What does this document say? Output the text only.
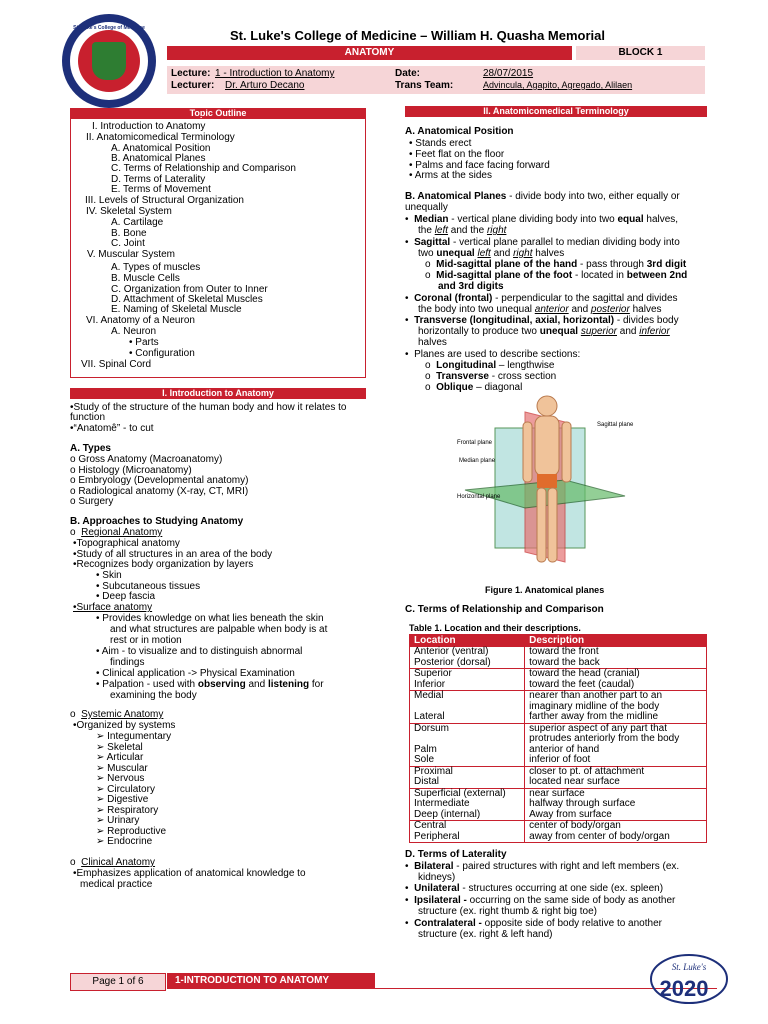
St. Luke's College of Medicine	St. Luke's College of Medicine – William H. Quasha Memorial
ANATOMY	BLOCK 1
Lecture: 1 - Introduction to Anatomy
Lecturer: Dr. Arturo Decano
Date:	28/07/2015
Trans Team:	Advincula, Agapito, Agregado, Alilaen
Topic Outline
I. Introduction to Anatomy
II. Anatomicomedical Terminology
A. Anatomical Position
B. Anatomical Planes
C. Terms of Relationship and Comparison
D. Terms of Laterality
E. Terms of Movement
III. Levels of Structural Organization
IV. Skeletal System
A. Cartilage
B. Bone
C. Joint
V. Muscular System
A. Types of muscles
B. Muscle Cells
C. Organization from Outer to Inner
D. Attachment of Skeletal Muscles
E. Naming of Skeletal Muscle
VI. Anatomy of a Neuron
A. Neuron
• Parts
• Configuration
VII. Spinal Cord
I. Introduction to Anatomy
•Study of the structure of the human body and how it relates to
function
•“Anatomê” - to cut
A. Types
o Gross Anatomy (Macroanatomy)
o Histology (Microanatomy)
o Embryology (Developmental anatomy)
o Radiological anatomy (X-ray, CT, MRI)
o Surgery
B. Approaches to Studying Anatomy
o  Regional Anatomy
•Topographical anatomy
•Study of all structures in an area of the body
•Recognizes body organization by layers
• Skin
• Subcutaneous tissues
• Deep fascia
•Surface anatomy
• Provides knowledge on what lies beneath the skin
and what structures are palpable when body is at
rest or in motion
• Aim - to visualize and to distinguish abnormal
findings
• Clinical application -> Physical Examination
• Palpation - used with observing and listening for
examining the body
o  Systemic Anatomy
•Organized by systems
➢ Integumentary
➢ Skeletal
➢ Articular
➢ Muscular
➢ Nervous
➢ Circulatory
➢ Digestive
➢ Respiratory
➢ Urinary
➢ Reproductive
➢ Endocrine
o  Clinical Anatomy
•Emphasizes application of anatomical knowledge to
medical practice
II. Anatomicomedical Terminology
A. Anatomical Position
• Stands erect
• Feet flat on the floor
• Palms and face facing forward
• Arms at the sides
B. Anatomical Planes - divide body into two, either equally or
unequally
•  Median - vertical plane dividing body into two equal halves,
the left and the right
•  Sagittal - vertical plane parallel to median dividing body into
two unequal left and right halves
o  Mid-sagittal plane of the hand - pass through 3rd digit
o  Mid-sagittal plane of the foot - located in between 2nd
and 3rd digits
•  Coronal (frontal) - perpendicular to the sagittal and divides
the body into two unequal anterior and posterior halves
•  Transverse (longitudinal, axial, horizontal) - divides body
horizontally to produce two unequal superior and inferior
halves
•  Planes are used to describe sections:
o  Longitudinal – lengthwise
o  Transverse - cross section
o  Oblique – diagonal
Frontal plane
Median plane
Horizontal plane
Sagittal plane
Figure 1. Anatomical planes
C. Terms of Relationship and Comparison
Table 1. Location and their descriptions.
Location	Description
Anterior (ventral)	toward the front
Posterior (dorsal)	toward the back
Superior	toward the head (cranial)
Inferior	toward the feet (caudal)
Medial	nearer than another part to an
	imaginary midline of the body
Lateral	farther away from the midline
Dorsum	superior aspect of any part that
	protrudes anteriorly from the body
Palm	anterior of hand
Sole	inferior of foot
Proximal	closer to pt. of attachment
Distal	located near surface
Superficial (external)	near surface
Intermediate	halfway through surface
Deep (internal)	Away from surface
Central	center of body/organ
Peripheral	away from center of body/organ
D. Terms of Laterality
•  Bilateral - paired structures with right and left members (ex.
kidneys)
•  Unilateral - structures occurring at one side (ex. spleen)
•  Ipsilateral - occurring on the same side of body as another
structure (ex. right thumb & right big toe)
•  Contralateral - opposite side of body relative to another
structure (ex. right & left hand)
Page 1 of 6	1-INTRODUCTION TO ANATOMY
St. Luke's
2020
